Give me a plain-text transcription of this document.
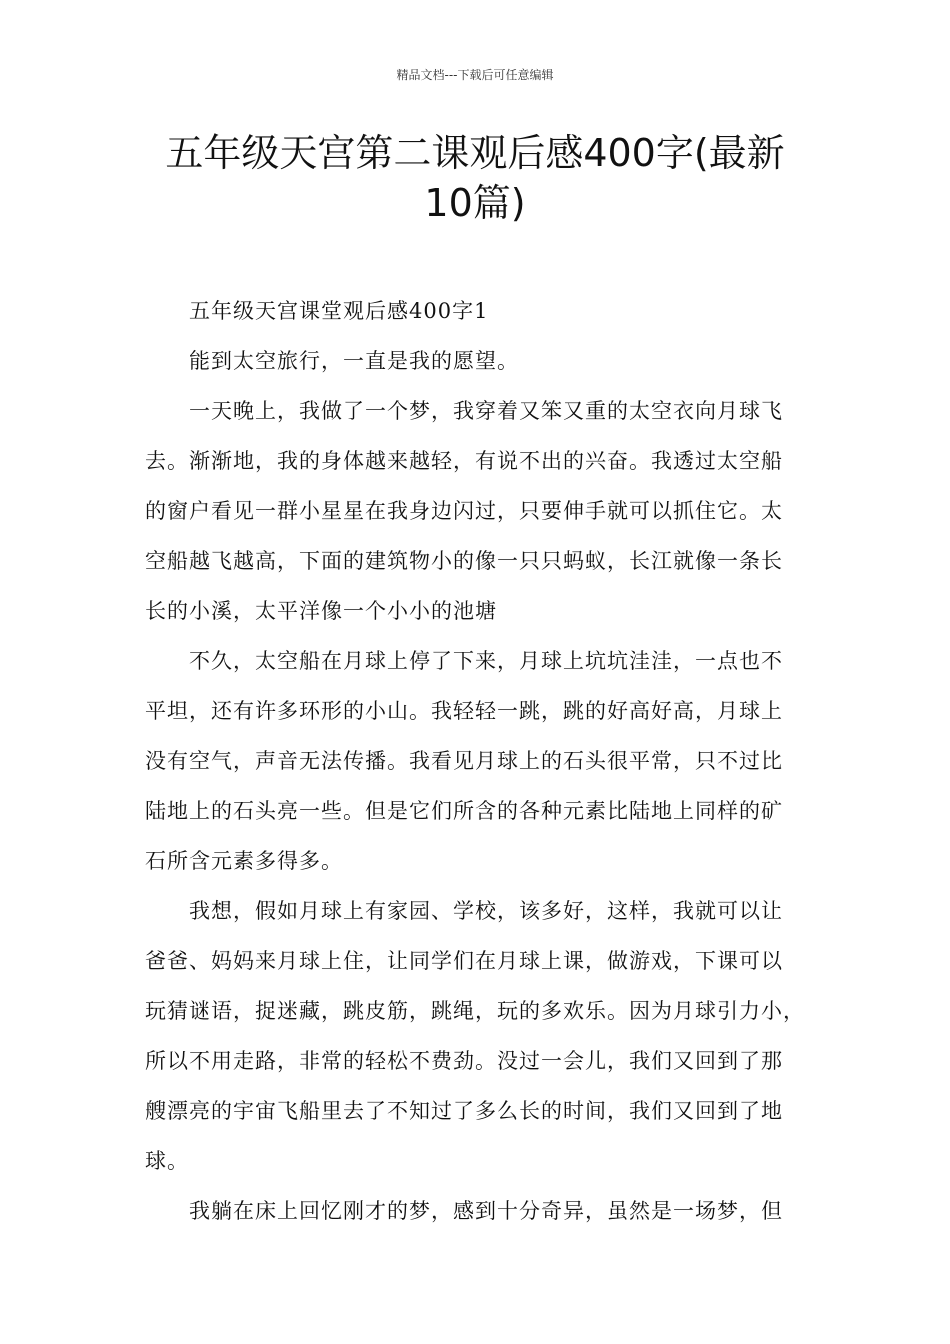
精品文档---下载后可任意编辑
五年级天宫第二课观后感400字(最新
10篇)

五年级天宫课堂观后感400字1

能到太空旅行，一直是我的愿望。

一天晚上，我做了一个梦，我穿着又笨又重的太空衣向月球飞
去。渐渐地，我的身体越来越轻，有说不出的兴奋。我透过太空船
的窗户看见一群小星星在我身边闪过，只要伸手就可以抓住它。太
空船越飞越高，下面的建筑物小的像一只只蚂蚁，长江就像一条长
长的小溪，太平洋像一个小小的池塘

不久，太空船在月球上停了下来，月球上坑坑洼洼，一点也不
平坦，还有许多环形的小山。我轻轻一跳，跳的好高好高，月球上
没有空气，声音无法传播。我看见月球上的石头很平常，只不过比
陆地上的石头亮一些。但是它们所含的各种元素比陆地上同样的矿
石所含元素多得多。

我想，假如月球上有家园、学校，该多好，这样，我就可以让
爸爸、妈妈来月球上住，让同学们在月球上课，做游戏，下课可以
玩猜谜语，捉迷藏，跳皮筋，跳绳，玩的多欢乐。因为月球引力小，
所以不用走路，非常的轻松不费劲。没过一会儿，我们又回到了那
艘漂亮的宇宙飞船里去了不知过了多么长的时间，我们又回到了地
球。

我躺在床上回忆刚才的梦，感到十分奇异，虽然是一场梦，但
